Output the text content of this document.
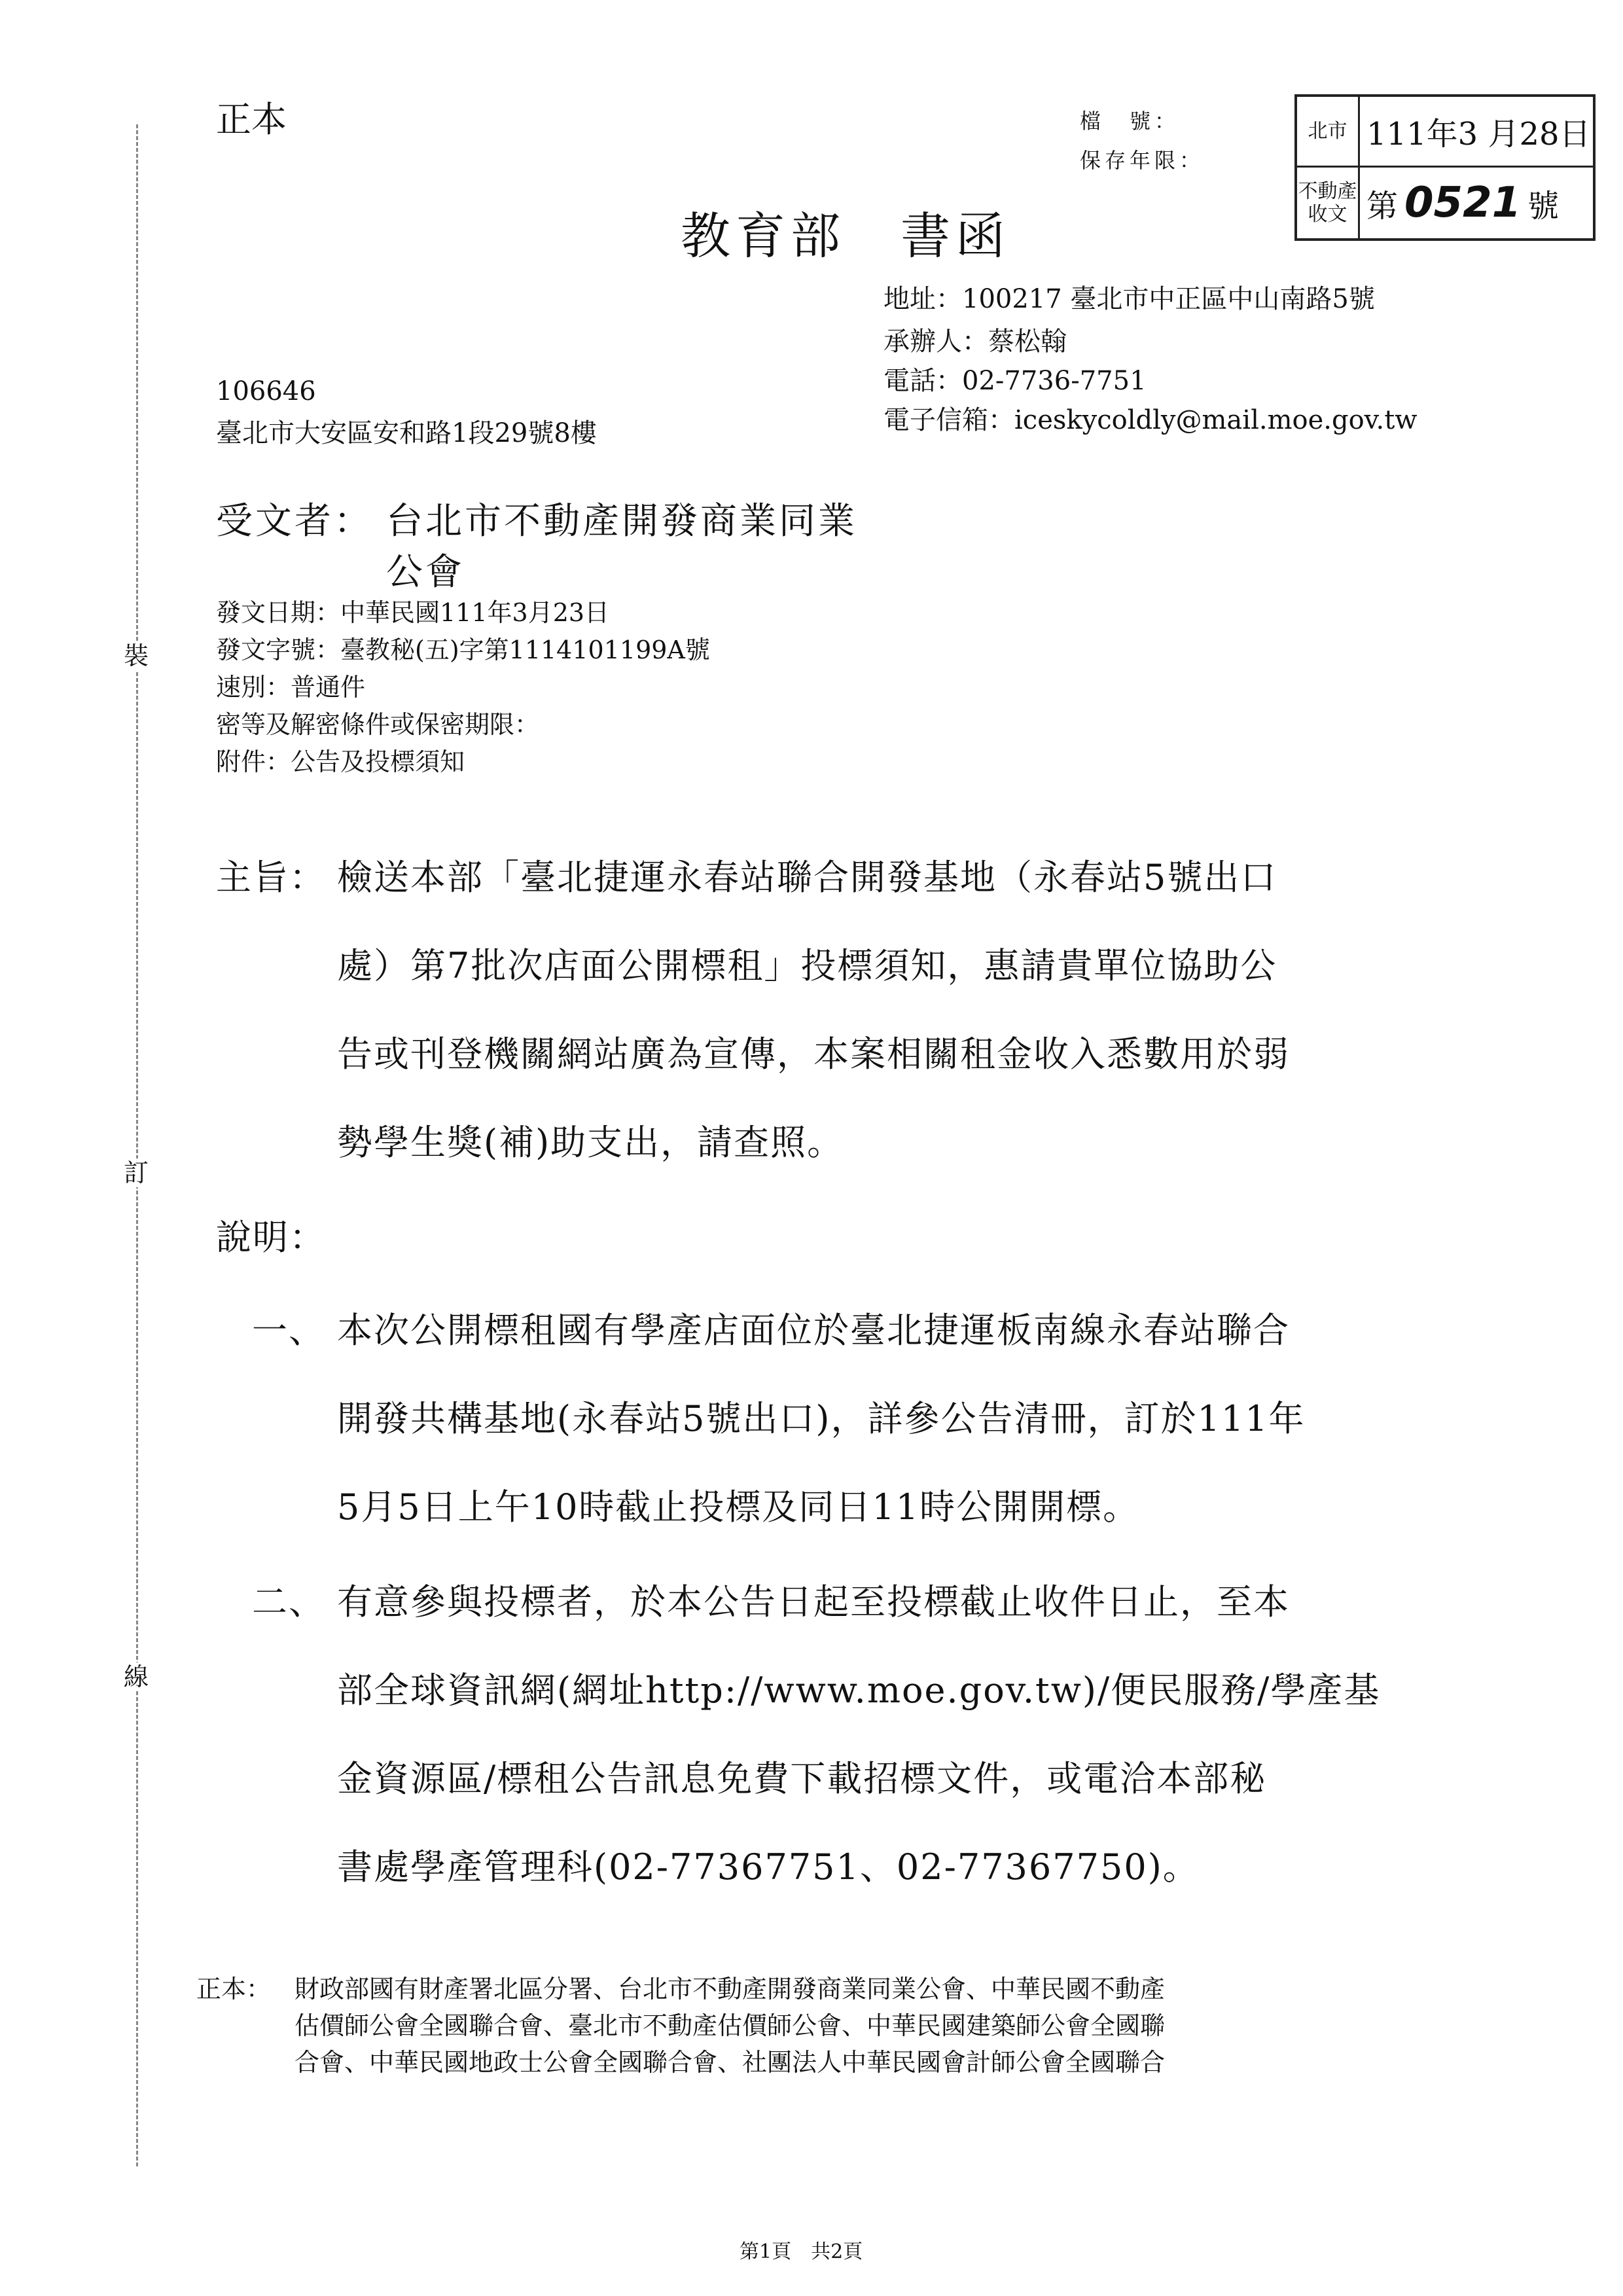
裝
訂
線
正本	檔　號：
保存年限：
北市 111年 3 月 28日
不動產
收文 第 0521 號
教育部　書函
地址：100217 臺北市中正區中山南路5號
承辦人：蔡松翰
電話：02-7736-7751
電子信箱：iceskycoldly@mail.moe.gov.tw
106646
臺北市大安區安和路1段29號8樓
受文者： 台北市不動產開發商業同業
公會
發文日期：中華民國111年3月23日
發文字號：臺教秘(五)字第1114101199A號
速別：普通件
密等及解密條件或保密期限：
附件：公告及投標須知
主旨： 檢送本部「臺北捷運永春站聯合開發基地（永春站5號出口
處）第7批次店面公開標租」投標須知，惠請貴單位協助公
告或刊登機關網站廣為宣傳，本案相關租金收入悉數用於弱
勢學生獎(補)助支出，請查照。
說明：
一、 本次公開標租國有學產店面位於臺北捷運板南線永春站聯合
開發共構基地(永春站5號出口)，詳參公告清冊，訂於111年
5月5日上午10時截止投標及同日11時公開開標。
二、 有意參與投標者，於本公告日起至投標截止收件日止，至本
部全球資訊網(網址http://www.moe.gov.tw)/便民服務/學產基
金資源區/標租公告訊息免費下載招標文件，或電洽本部秘
書處學產管理科(02-77367751、02-77367750)。
正本： 財政部國有財產署北區分署、台北市不動產開發商業同業公會、中華民國不動產
估價師公會全國聯合會、臺北市不動產估價師公會、中華民國建築師公會全國聯
合會、中華民國地政士公會全國聯合會、社團法人中華民國會計師公會全國聯合
第1頁　共2頁
